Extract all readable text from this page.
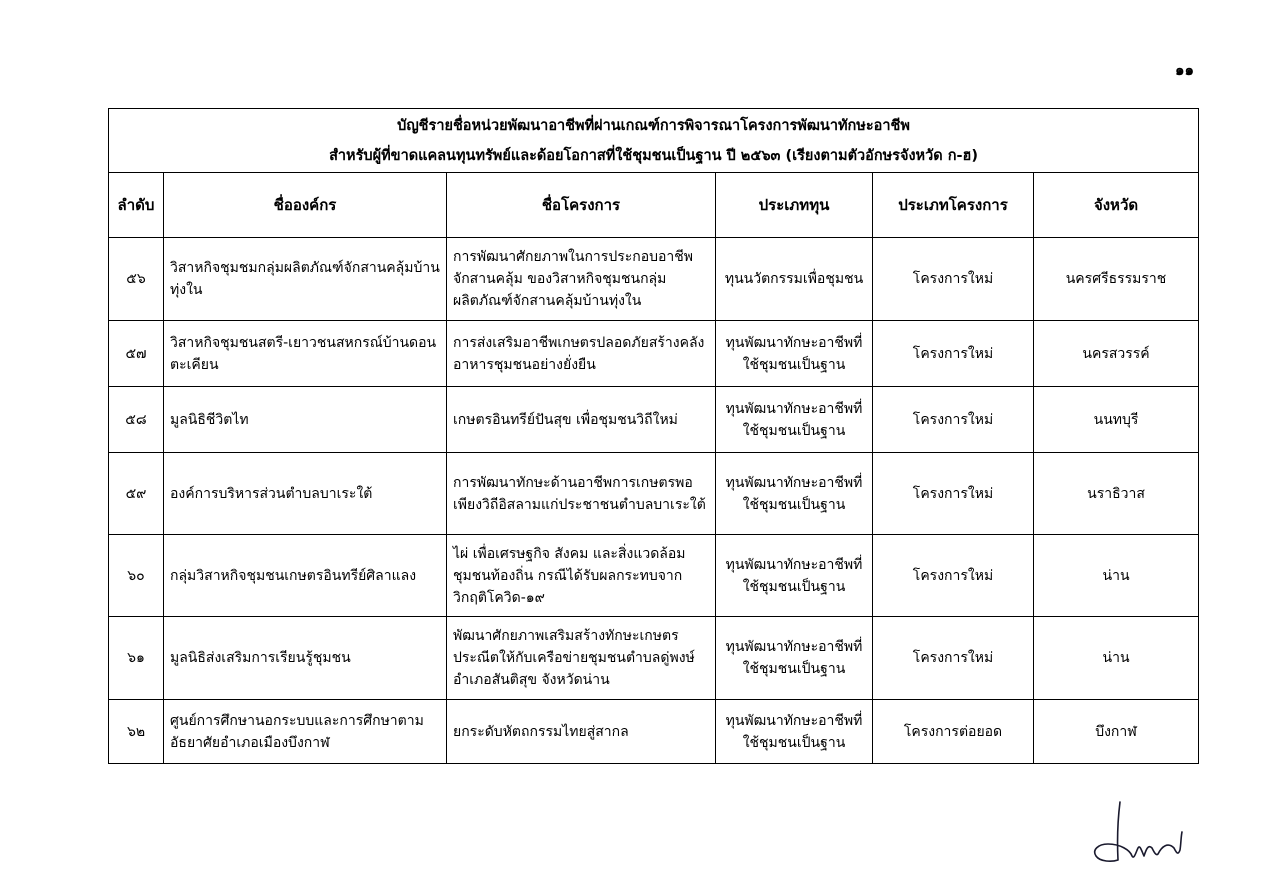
๑๑
บัญชีรายชื่อหน่วยพัฒนาอาชีพที่ผ่านเกณฑ์การพิจารณาโครงการพัฒนาทักษะอาชีพ
สำหรับผู้ที่ขาดแคลนทุนทรัพย์และด้อยโอกาสที่ใช้ชุมชนเป็นฐาน ปี ๒๕๖๓ (เรียงตามตัวอักษรจังหวัด ก-ฮ)					

ลำดับ	ชื่อองค์กร	ชื่อโครงการ	ประเภททุน	ประเภทโครงการ	จังหวัด
๕๖	วิสาหกิจชุมชมกลุ่มผลิตภัณฑ์จักสานคลุ้มบ้านทุ่งใน	การพัฒนาศักยภาพในการประกอบอาชีพจักสานคลุ้ม ของวิสาหกิจชุมชนกลุ่มผลิตภัณฑ์จักสานคลุ้มบ้านทุ่งใน	ทุนนวัตกรรมเพื่อชุมชน	โครงการใหม่	นครศรีธรรมราช
๕๗	วิสาหกิจชุมชนสตรี-เยาวชนสหกรณ์บ้านดอนตะเคียน	การส่งเสริมอาชีพเกษตรปลอดภัยสร้างคลังอาหารชุมชนอย่างยั่งยืน	ทุนพัฒนาทักษะอาชีพที่ใช้ชุมชนเป็นฐาน	โครงการใหม่	นครสวรรค์
๕๘	มูลนิธิชีวิตไท	เกษตรอินทรีย์ปันสุข เพื่อชุมชนวิถีใหม่	ทุนพัฒนาทักษะอาชีพที่ใช้ชุมชนเป็นฐาน	โครงการใหม่	นนทบุรี
๕๙	องค์การบริหารส่วนตำบลบาเระใต้	การพัฒนาทักษะด้านอาชีพการเกษตรพอเพียงวิถีอิสลามแก่ประชาชนตำบลบาเระใต้	ทุนพัฒนาทักษะอาชีพที่ใช้ชุมชนเป็นฐาน	โครงการใหม่	นราธิวาส
๖๐	กลุ่มวิสาหกิจชุมชนเกษตรอินทรีย์ศิลาแลง	ไผ่ เพื่อเศรษฐกิจ สังคม และสิ่งแวดล้อมชุมชนท้องถิ่น กรณีได้รับผลกระทบจากวิกฤติโควิด-๑๙	ทุนพัฒนาทักษะอาชีพที่ใช้ชุมชนเป็นฐาน	โครงการใหม่	น่าน
๖๑	มูลนิธิส่งเสริมการเรียนรู้ชุมชน	พัฒนาศักยภาพเสริมสร้างทักษะเกษตรประณีตให้กับเครือข่ายชุมชนตำบลดู่พงษ์ อำเภอสันติสุข จังหวัดน่าน	ทุนพัฒนาทักษะอาชีพที่ใช้ชุมชนเป็นฐาน	โครงการใหม่	น่าน
๖๒	ศูนย์การศึกษานอกระบบและการศึกษาตามอัธยาศัยอำเภอเมืองบึงกาฬ	ยกระดับหัตถกรรมไทยสู่สากล	ทุนพัฒนาทักษะอาชีพที่ใช้ชุมชนเป็นฐาน	โครงการต่อยอด	บึงกาฬ
